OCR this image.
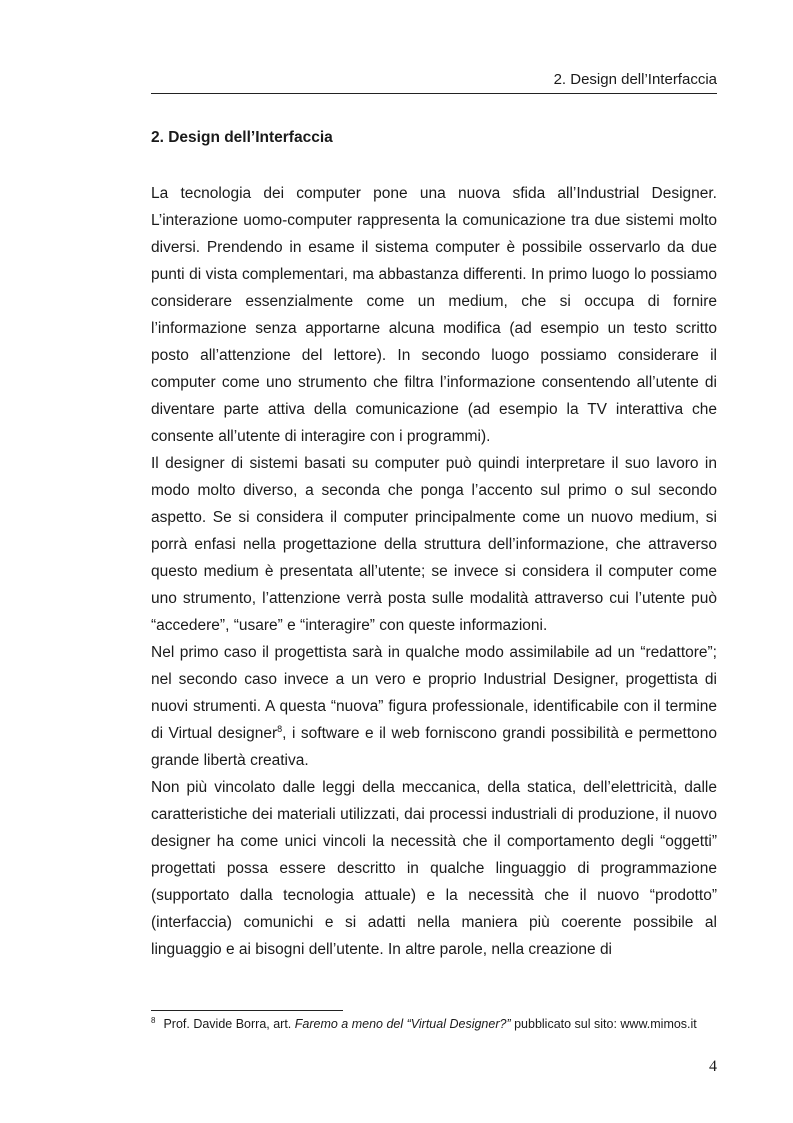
2. Design dell’Interfaccia
2. Design dell’Interfaccia

La tecnologia dei computer pone una nuova sfida all’Industrial Designer. L’interazione uomo-computer rappresenta la comunicazione tra due sistemi molto diversi. Prendendo in esame il sistema computer è possibile osservarlo da due punti di vista complementari, ma abbastanza differenti. In primo luogo lo possiamo considerare essenzialmente come un medium, che si occupa di fornire l’informazione senza apportarne alcuna modifica (ad esempio un testo scritto posto all’attenzione del lettore). In secondo luogo possiamo considerare il computer come uno strumento che filtra l’informazione consentendo all’utente di diventare parte attiva della comunicazione (ad esempio la TV interattiva che consente all’utente di interagire con i programmi).

Il designer di sistemi basati su computer può quindi interpretare il suo lavoro in modo molto diverso, a seconda che ponga l’accento sul primo o sul secondo aspetto. Se si considera il computer principalmente come un nuovo medium, si porrà enfasi nella progettazione della struttura dell’informazione, che attraverso questo medium è presentata all’utente; se invece si considera il computer come uno strumento, l’attenzione verrà posta sulle modalità attraverso cui l’utente può “accedere”, “usare” e “interagire” con queste informazioni.

Nel primo caso il progettista sarà in qualche modo assimilabile ad un “redattore”; nel secondo caso invece a un vero e proprio Industrial Designer, progettista di nuovi strumenti. A questa “nuova” figura professionale, identificabile con il termine di Virtual designer$^8$, i software e il web forniscono grandi possibilità e permettono grande libertà creativa.

Non più vincolato dalle leggi della meccanica, della statica, dell’elettricità, dalle caratteristiche dei materiali utilizzati, dai processi industriali di produzione, il nuovo designer ha come unici vincoli la necessità che il comportamento degli “oggetti” progettati possa essere descritto in qualche linguaggio di programmazione (supportato dalla tecnologia attuale) e la necessità che il nuovo “prodotto” (interfaccia) comunichi e si adatti nella maniera più coerente possibile al linguaggio e ai bisogni dell’utente. In altre parole, nella creazione di

$^8$ Prof. Davide Borra, art. Faremo a meno del “Virtual Designer?” pubblicato sul sito: www.mimos.it
4
